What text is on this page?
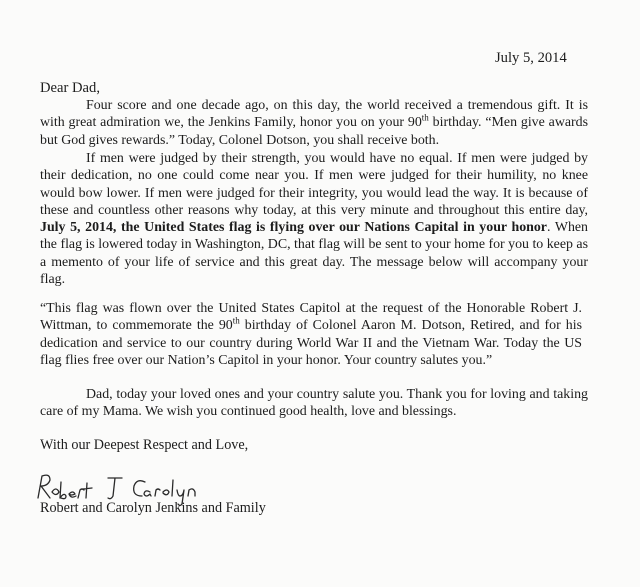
July 5, 2014
Dear Dad,
Four score and one decade ago, on this day, the world received a tremendous gift. It is with great admiration we, the Jenkins Family, honor you on your 90th birthday. “Men give awards but God gives rewards.” Today, Colonel Dotson, you shall receive both.
If men were judged by their strength, you would have no equal. If men were judged by their dedication, no one could come near you. If men were judged for their humility, no knee would bow lower. If men were judged for their integrity, you would lead the way. It is because of these and countless other reasons why today, at this very minute and throughout this entire day, July 5, 2014, the United States flag is flying over our Nations Capital in your honor. When the flag is lowered today in Washington, DC, that flag will be sent to your home for you to keep as a memento of your life of service and this great day. The message below will accompany your flag.
“This flag was flown over the United States Capitol at the request of the Honorable Robert J. Wittman, to commemorate the 90th birthday of Colonel Aaron M. Dotson, Retired, and for his dedication and service to our country during World War II and the Vietnam War. Today the US flag flies free over our Nation’s Capitol in your honor. Your country salutes you.”
Dad, today your loved ones and your country salute you. Thank you for loving and taking care of my Mama. We wish you continued good health, love and blessings.
With our Deepest Respect and Love,
Robert and Carolyn Jenkins and Family
